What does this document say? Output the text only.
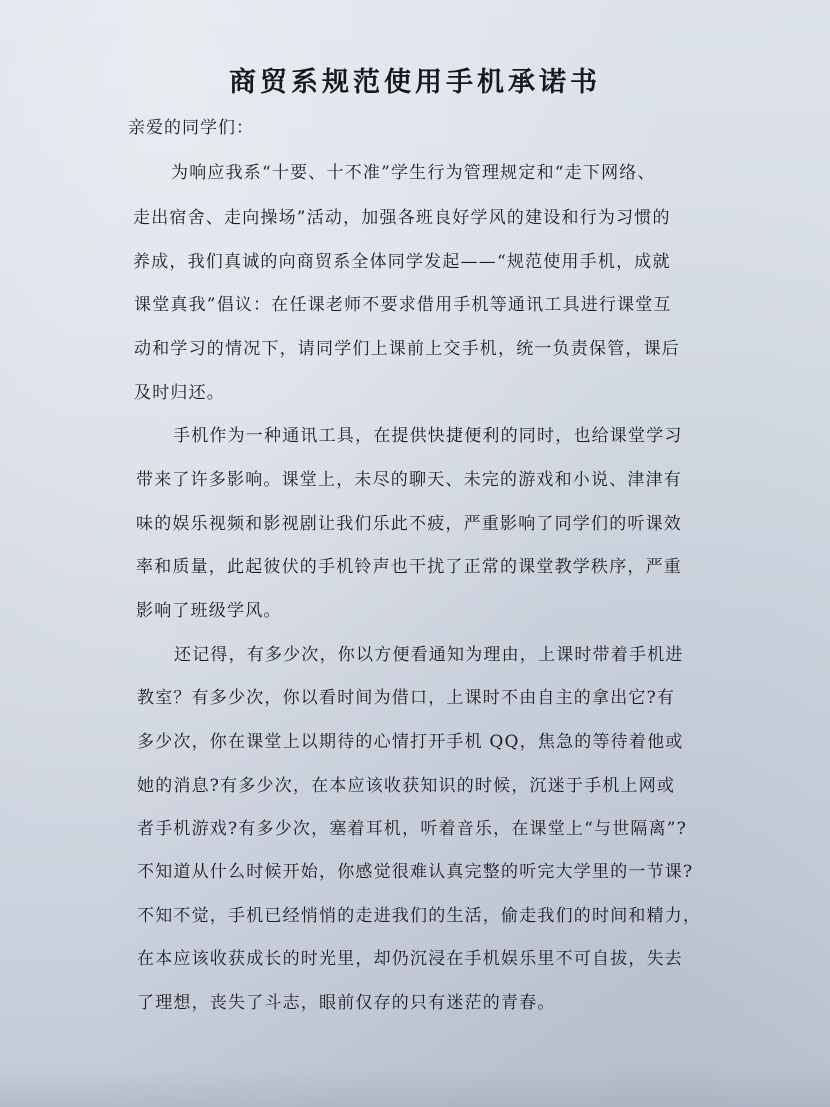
商贸系规范使用手机承诺书
亲爱的同学们：
为响应我系“十要、十不准”学生行为管理规定和“走下网络、
走出宿舍、走向操场”活动，加强各班良好学风的建设和行为习惯的
养成，我们真诚的向商贸系全体同学发起——“规范使用手机，成就
课堂真我”倡议：在任课老师不要求借用手机等通讯工具进行课堂互
动和学习的情况下，请同学们上课前上交手机，统一负责保管，课后
及时归还。
手机作为一种通讯工具，在提供快捷便利的同时，也给课堂学习
带来了许多影响。课堂上，未尽的聊天、未完的游戏和小说、津津有
味的娱乐视频和影视剧让我们乐此不疲，严重影响了同学们的听课效
率和质量，此起彼伏的手机铃声也干扰了正常的课堂教学秩序，严重
影响了班级学风。
还记得，有多少次，你以方便看通知为理由，上课时带着手机进
教室？有多少次，你以看时间为借口，上课时不由自主的拿出它?有
多少次，你在课堂上以期待的心情打开手机 QQ，焦急的等待着他或
她的消息?有多少次，在本应该收获知识的时候，沉迷于手机上网或
者手机游戏?有多少次，塞着耳机，听着音乐，在课堂上“与世隔离”?
不知道从什么时候开始，你感觉很难认真完整的听完大学里的一节课?
不知不觉，手机已经悄悄的走进我们的生活，偷走我们的时间和精力，
在本应该收获成长的时光里，却仍沉浸在手机娱乐里不可自拔，失去
了理想，丧失了斗志，眼前仅存的只有迷茫的青春。
